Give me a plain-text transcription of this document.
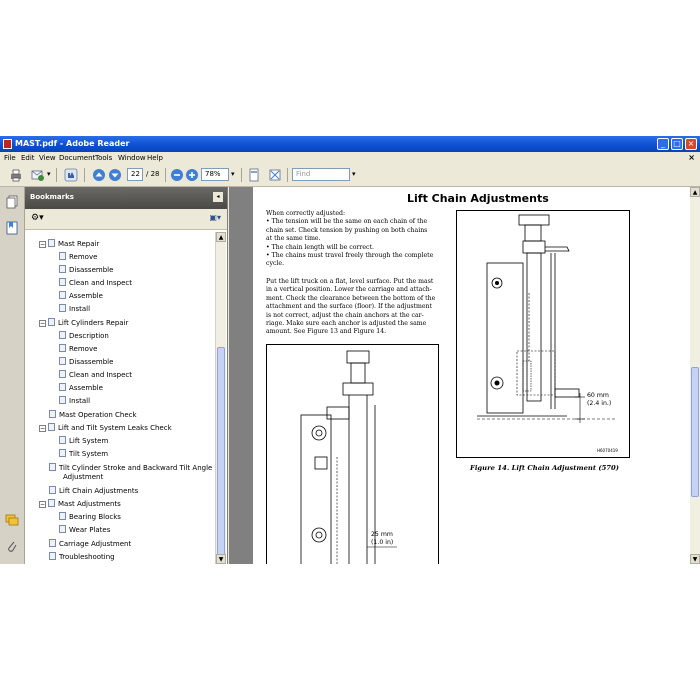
MAST.pdf - Adobe Reader	_	□ ×
File Edit View Document Tools Window Help	×
▾	22 / 28	78%	▾	Find	▾
Bookmarks	◂
⚙▾	▣▾
− Mast Repair
Remove
Disassemble
Clean and Inspect
Assemble
Install
− Lift Cylinders Repair
Description
Remove
Disassemble
Clean and Inspect
Assemble
Install
Mast Operation Check
− Lift and Tilt System Leaks Check
Lift System
Tilt System
Tilt Cylinder Stroke and Backward Tilt Angle
Adjustment
Lift Chain Adjustments
− Mast Adjustments
Bearing Blocks
Wear Plates
Carriage Adjustment
Troubleshooting
▲
▼
Lift Chain Adjustments
When correctly adjusted:
• The tension will be the same on each chain of the
chain set. Check tension by pushing on both chains
at the same time.
• The chain length will be correct.
• The chains must travel freely through the complete
cycle.
Put the lift truck on a flat, level surface. Put the mast
in a vertical position. Lower the carriage and attach-
ment. Check the clearance between the bottom of the
attachment and the surface (floor). If the adjustment
is not correct, adjust the chain anchors at the car-
riage. Make sure each anchor is adjusted the same
amount. See Figure 13 and Figure 14.
60 mm
(2.4 in.)
H6070419
Figure 14. Lift Chain Adjustment (570)
25 mm
(1.0 in)
▲
▼
